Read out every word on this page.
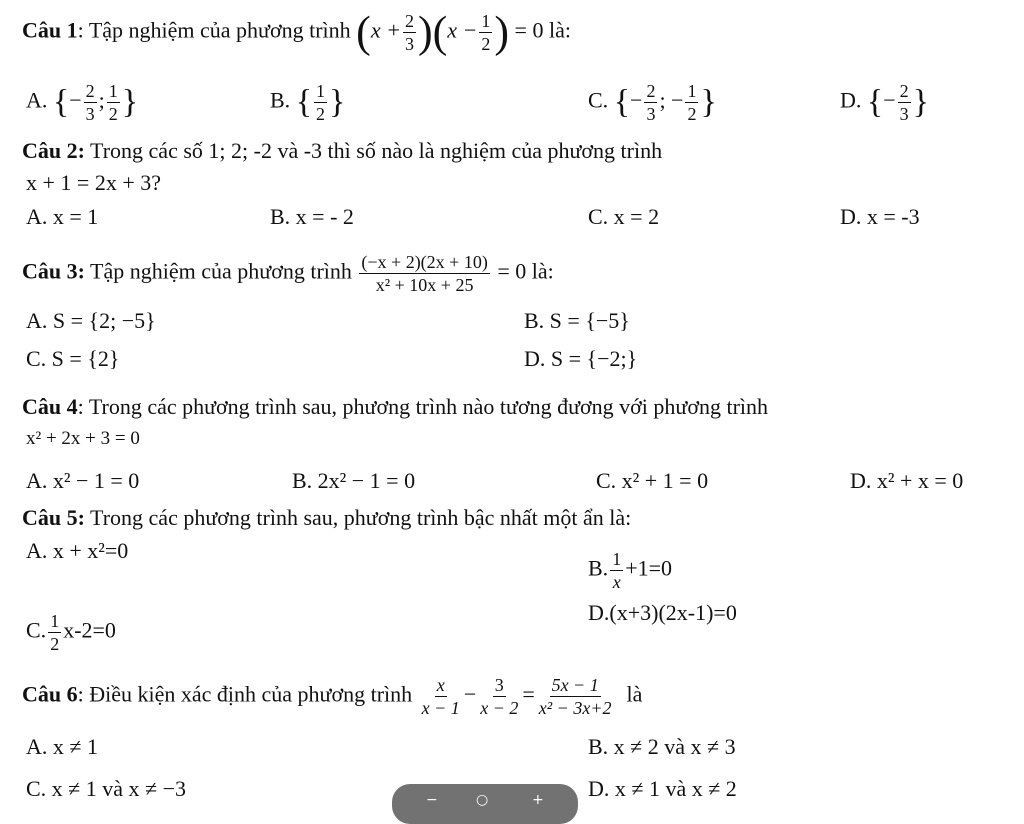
Câu 1: Tập nghiệm của phương trình $(x + \frac{2}{3} )(x - \frac{1}{2}$ ) = 0 là:
A. {− $\frac{2}{3}$ ; $\frac{1}{2}$ }	B. { $\frac{1}{2}$ }	C. {− $\frac{2}{3}$ ; − $\frac{1}{2}$ }	D. {− $\frac{2}{3}$ }
Câu 2: Trong các số 1; 2; -2 và -3 thì số nào là nghiệm của phương trình
x + 1 = 2x + 3?
A. x = 1	B. x = - 2	C. x = 2	D. x = -3
Câu 3: Tập nghiệm của phương trình $\frac{(-x + 2)(2x + 10)}{\text{x² + 10x + 25}} = 0$ là:
A. S = {2; −5}	B. S = {−5}
C. S = {2}	D. S = {−2;}
Câu 4: Trong các phương trình sau, phương trình nào tương đương với phương trình
x² + 2x + 3 = 0
A. x² − 1 = 0	B. 2x² − 1 = 0	C. x² + 1 = 0	D. x² + x = 0
Câu 5: Trong các phương trình sau, phương trình bậc nhất một ẩn là:
A. x + x²=0
B. $\frac{1}{x} +1=0$
C. $\frac{1}{2} x-2=0$
D.(x+3)(2x-1)=0
Câu 6: Điều kiện xác định của phương trình $\frac{x}{x - 1} - \frac{3}{x - 2} = \frac{5x - 1}{\text{x² − 3x+2}}$ là
A. x ≠ 1	B. x ≠ 2 và x ≠ 3
C. x ≠ 1 và x ≠ −3	D. x ≠ 1 và x ≠ 2
−	○	+
